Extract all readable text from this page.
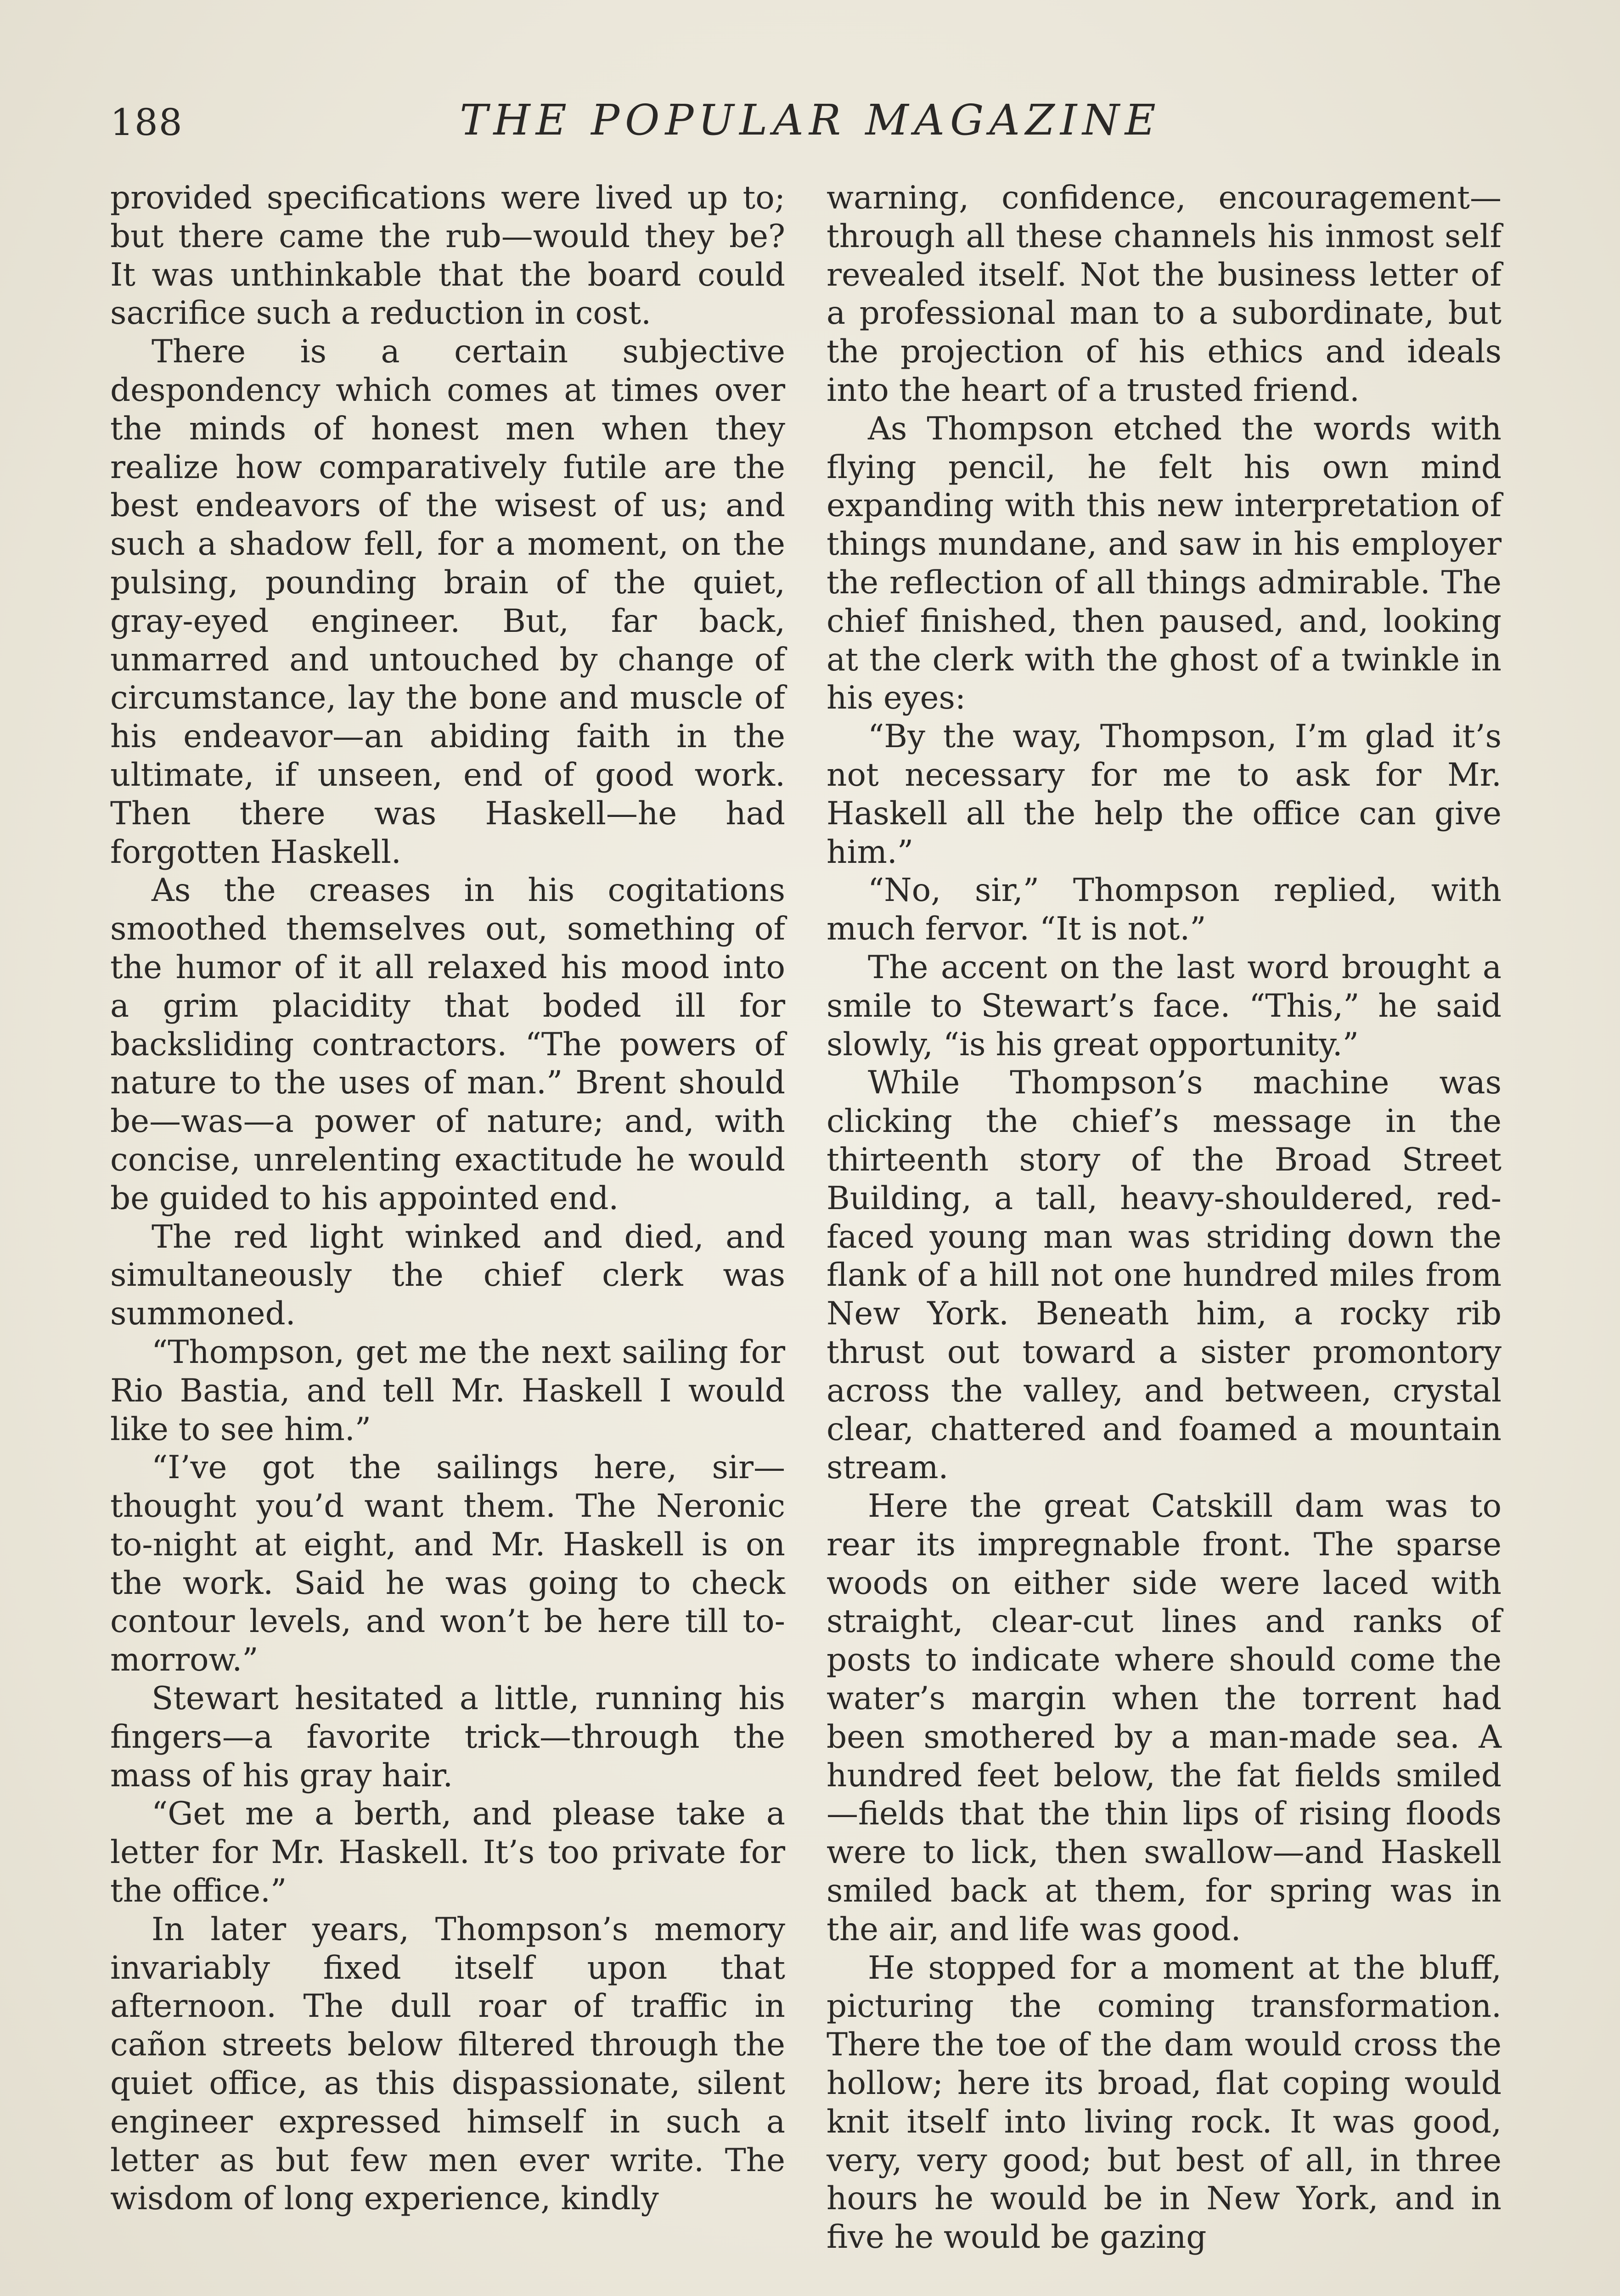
188	THE POPULAR MAGAZINE

provided specifications were lived up to; but there came the rub—would they be? It was unthinkable that the board could sacrifice such a reduction in cost.

There is a certain subjective despondency which comes at times over the minds of honest men when they realize how comparatively futile are the best endeavors of the wisest of us; and such a shadow fell, for a moment, on the pulsing, pounding brain of the quiet, gray-eyed engineer. But, far back, unmarred and untouched by change of circumstance, lay the bone and muscle of his endeavor—an abiding faith in the ultimate, if unseen, end of good work. Then there was Haskell—he had forgotten Haskell.

As the creases in his cogitations smoothed themselves out, something of the humor of it all relaxed his mood into a grim placidity that boded ill for backsliding contractors. “The powers of nature to the uses of man.” Brent should be—was—a power of nature; and, with concise, unrelenting exactitude he would be guided to his appointed end.

The red light winked and died, and simultaneously the chief clerk was summoned.

“Thompson, get me the next sailing for Rio Bastia, and tell Mr. Haskell I would like to see him.”

“I’ve got the sailings here, sir—thought you’d want them. The Neronic to-night at eight, and Mr. Haskell is on the work. Said he was going to check contour levels, and won’t be here till to-morrow.”

Stewart hesitated a little, running his fingers—a favorite trick—through the mass of his gray hair.

“Get me a berth, and please take a letter for Mr. Haskell. It’s too private for the office.”

In later years, Thompson’s memory invariably fixed itself upon that afternoon. The dull roar of traffic in cañon streets below filtered through the quiet office, as this dispassionate, silent engineer expressed himself in such a letter as but few men ever write. The wisdom of long experience, kindly

warning, confidence, encouragement—through all these channels his inmost self revealed itself. Not the business letter of a professional man to a subordinate, but the projection of his ethics and ideals into the heart of a trusted friend.

As Thompson etched the words with flying pencil, he felt his own mind expanding with this new interpretation of things mundane, and saw in his employer the reflection of all things admirable. The chief finished, then paused, and, looking at the clerk with the ghost of a twinkle in his eyes:

“By the way, Thompson, I’m glad it’s not necessary for me to ask for Mr. Haskell all the help the office can give him.”

“No, sir,” Thompson replied, with much fervor. “It is not.”

The accent on the last word brought a smile to Stewart’s face. “This,” he said slowly, “is his great opportunity.”

While Thompson’s machine was clicking the chief’s message in the thirteenth story of the Broad Street Building, a tall, heavy-shouldered, red-faced young man was striding down the flank of a hill not one hundred miles from New York. Beneath him, a rocky rib thrust out toward a sister promontory across the valley, and between, crystal clear, chattered and foamed a mountain stream.

Here the great Catskill dam was to rear its impregnable front. The sparse woods on either side were laced with straight, clear-cut lines and ranks of posts to indicate where should come the water’s margin when the torrent had been smothered by a man-made sea. A hundred feet below, the fat fields smiled—fields that the thin lips of rising floods were to lick, then swallow—and Haskell smiled back at them, for spring was in the air, and life was good.

He stopped for a moment at the bluff, picturing the coming transformation. There the toe of the dam would cross the hollow; here its broad, flat coping would knit itself into living rock. It was good, very, very good; but best of all, in three hours he would be in New York, and in five he would be gazing
